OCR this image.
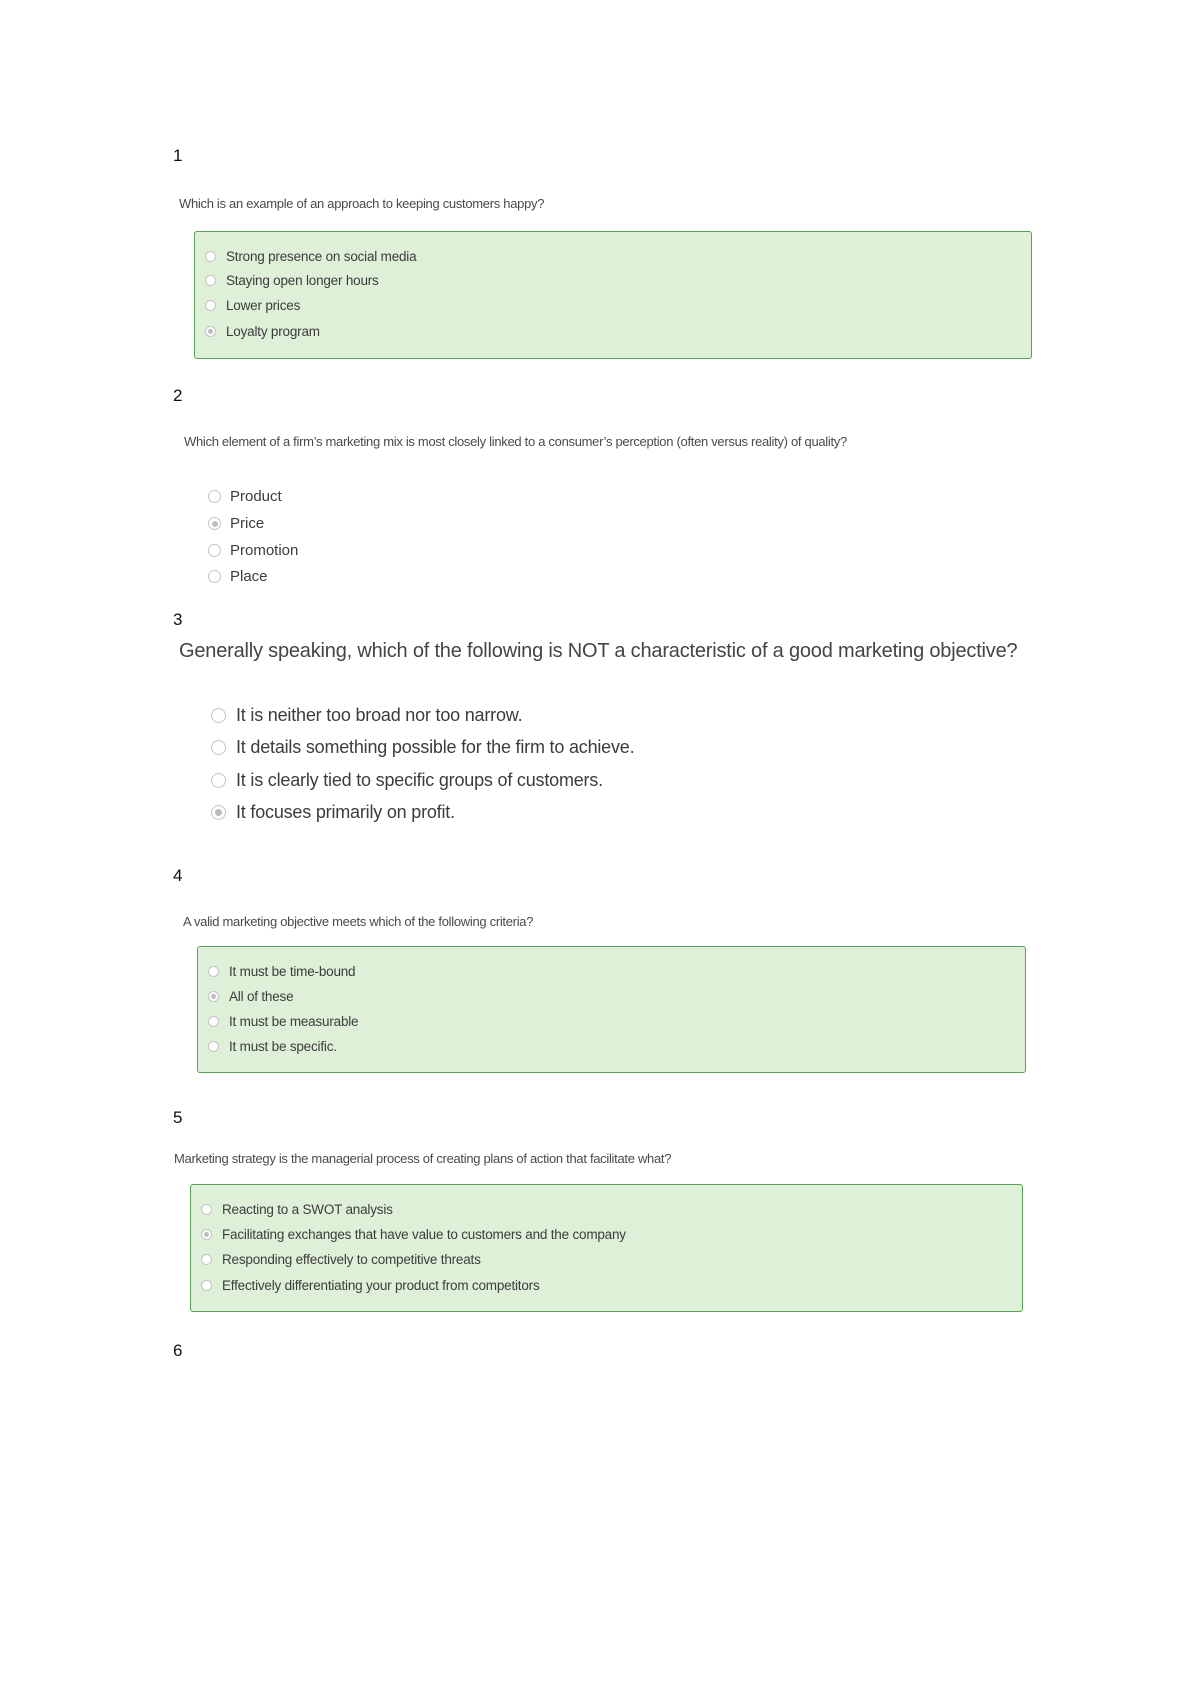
1

Which is an example of an approach to keeping customers happy?

Strong presence on social media
Staying open longer hours
Lower prices
Loyalty program

2

Which element of a firm’s marketing mix is most closely linked to a consumer’s perception (often versus reality) of quality?

Product
Price
Promotion
Place

3

Generally speaking, which of the following is NOT a characteristic of a good marketing objective?

It is neither too broad nor too narrow.
It details something possible for the firm to achieve.
It is clearly tied to specific groups of customers.
It focuses primarily on profit.

4

A valid marketing objective meets which of the following criteria?

It must be time-bound
All of these
It must be measurable
It must be specific.

5

Marketing strategy is the managerial process of creating plans of action that facilitate what?

Reacting to a SWOT analysis
Facilitating exchanges that have value to customers and the company
Responding effectively to competitive threats
Effectively differentiating your product from competitors

6
